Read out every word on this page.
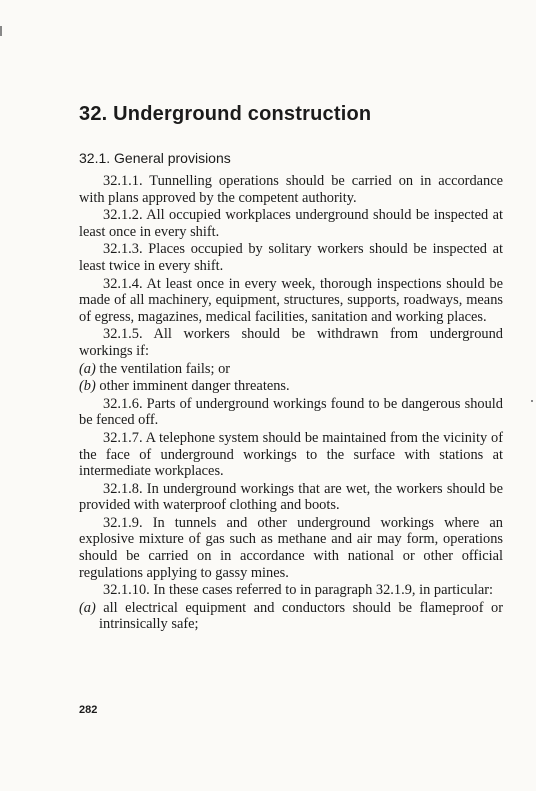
32. Underground construction
32.1. General provisions

32.1.1. Tunnelling operations should be carried on in accordance with plans approved by the competent authority.

32.1.2. All occupied workplaces underground should be inspected at least once in every shift.

32.1.3. Places occupied by solitary workers should be inspected at least twice in every shift.

32.1.4. At least once in every week, thorough inspections should be made of all machinery, equipment, structures, supports, roadways, means of egress, magazines, medical facilities, sanitation and working places.

32.1.5. All workers should be withdrawn from underground workings if:

(a) the ventilation fails; or

(b) other imminent danger threatens.

32.1.6. Parts of underground workings found to be dangerous should be fenced off.

32.1.7. A telephone system should be maintained from the vicinity of the face of underground workings to the surface with stations at intermediate workplaces.

32.1.8. In underground workings that are wet, the workers should be provided with waterproof clothing and boots.

32.1.9. In tunnels and other underground workings where an explosive mixture of gas such as methane and air may form, operations should be carried on in accordance with national or other official regulations applying to gassy mines.

32.1.10. In these cases referred to in paragraph 32.1.9, in particular:

(a) all electrical equipment and conductors should be flameproof or intrinsically safe;

282
